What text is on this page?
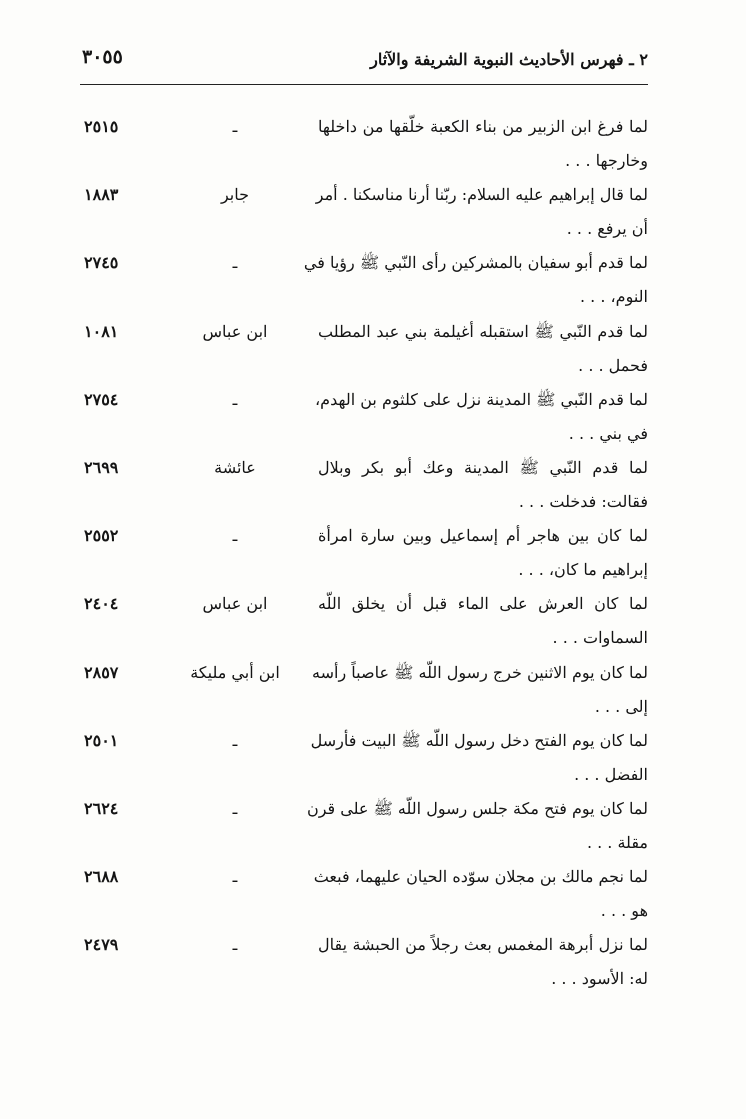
٣٠٥٥	٢ ـ فهرس الأحاديث النبوية الشريفة والآثار
لما فرغ ابن الزبير من بناء الكعبة خلّقها من داخلها
وخارجها . . .
ـ
٢٥١٥
لما قال إبراهيم عليه السلام: ربّنا أرنا مناسكنا . أمر
أن يرفع . . .
جابر
١٨٨٣
لما قدم أبو سفيان بالمشركين رأى النّبي ﷺ رؤيا في
النوم، . . .
ـ
٢٧٤٥
لما قدم النّبي ﷺ استقبله أغيلمة بني عبد المطلب
فحمل . . .
ابن عباس
١٠٨١
لما قدم النّبي ﷺ المدينة نزل على كلثوم بن الهدم،
في بني . . .
ـ
٢٧٥٤
لما قدم النّبي ﷺ المدينة وعك أبو بكر وبلال
فقالت: فدخلت . . .
عائشة
٢٦٩٩
لما كان بين هاجر أم إسماعيل وبين سارة امرأة
إبراهيم ما كان، . . .
ـ
٢٥٥٢
لما كان العرش على الماء قبل أن يخلق اللّه
السماوات . . .
ابن عباس
٢٤٠٤
لما كان يوم الاثنين خرج رسول اللّه ﷺ عاصباً رأسه
إلى . . .
ابن أبي مليكة
٢٨٥٧
لما كان يوم الفتح دخل رسول اللّه ﷺ البيت فأرسل
الفضل . . .
ـ
٢٥٠١
لما كان يوم فتح مكة جلس رسول اللّه ﷺ على قرن
مقلة . . .
ـ
٢٦٢٤
لما نجم مالك بن مجلان سوّده الحيان عليهما، فبعث
هو . . .
ـ
٢٦٨٨
لما نزل أبرهة المغمس بعث رجلاً من الحبشة يقال
له: الأسود . . .
ـ
٢٤٧٩
